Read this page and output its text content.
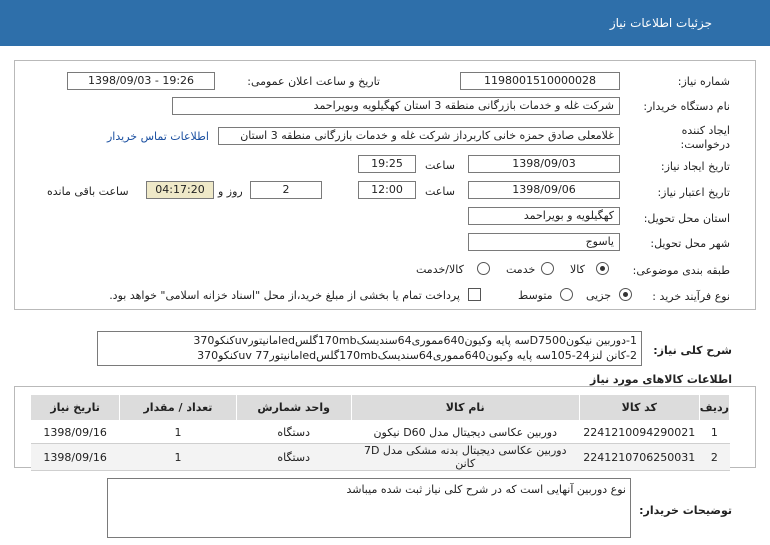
جزئیات اطلاعات نیاز
شماره نیاز:
1198001510000028
تاریخ و ساعت اعلان عمومی:
1398/09/03 - 19:26
نام دستگاه خریدار:
شرکت غله و خدمات بازرگانی منطقه 3 استان کهگیلویه وبویراحمد
ایجاد کننده
درخواست:
غلامعلی صادق حمزه خانی کاربرداز شرکت غله و خدمات بازرگانی منطقه 3 استان
اطلاعات تماس خریدار
تاریخ ایجاد نیاز:
1398/09/03
ساعت
19:25
تاریخ اعتبار نیاز:
1398/09/06
ساعت
12:00
2
روز و
04:17:20
ساعت باقی مانده
استان محل تحویل:
کهگیلویه و بویراحمد
شهر محل تحویل:
یاسوج
طبقه بندی موضوعی:
کالا
خدمت
کالا/خدمت
نوع فرآیند خرید :
جزیی
متوسط
پرداخت تمام یا بخشی از مبلغ خرید،از محل "اسناد خزانه اسلامی" خواهد بود.
شرح کلی نیاز:
1-دوربین نیکونD7500سه پایه وکیون640مموری64سندیسک170mbگلسledمانیتورuvکنکو370
2-کانن لنز24-105سه پایه وکیون640مموری64سندیسک170mbگلسledمانیتور77 uvکنکو370
اطلاعات کالاهای مورد نیاز
ردیف	کد کالا	نام کالا	واحد شمارش	تعداد / مقدار	تاریخ نیاز
1	2241210094290021	دوربین عکاسی دیجیتال مدل D60 نیکون	دستگاه	1	1398/09/16
2	2241210706250031	دوربین عکاسی دیجیتال بدنه مشکی مدل 7D کانن	دستگاه	1	1398/09/16
توضیحات خریدار:
نوع دوربین آنهایی است که در شرح کلی نیاز ثبت شده میباشد
